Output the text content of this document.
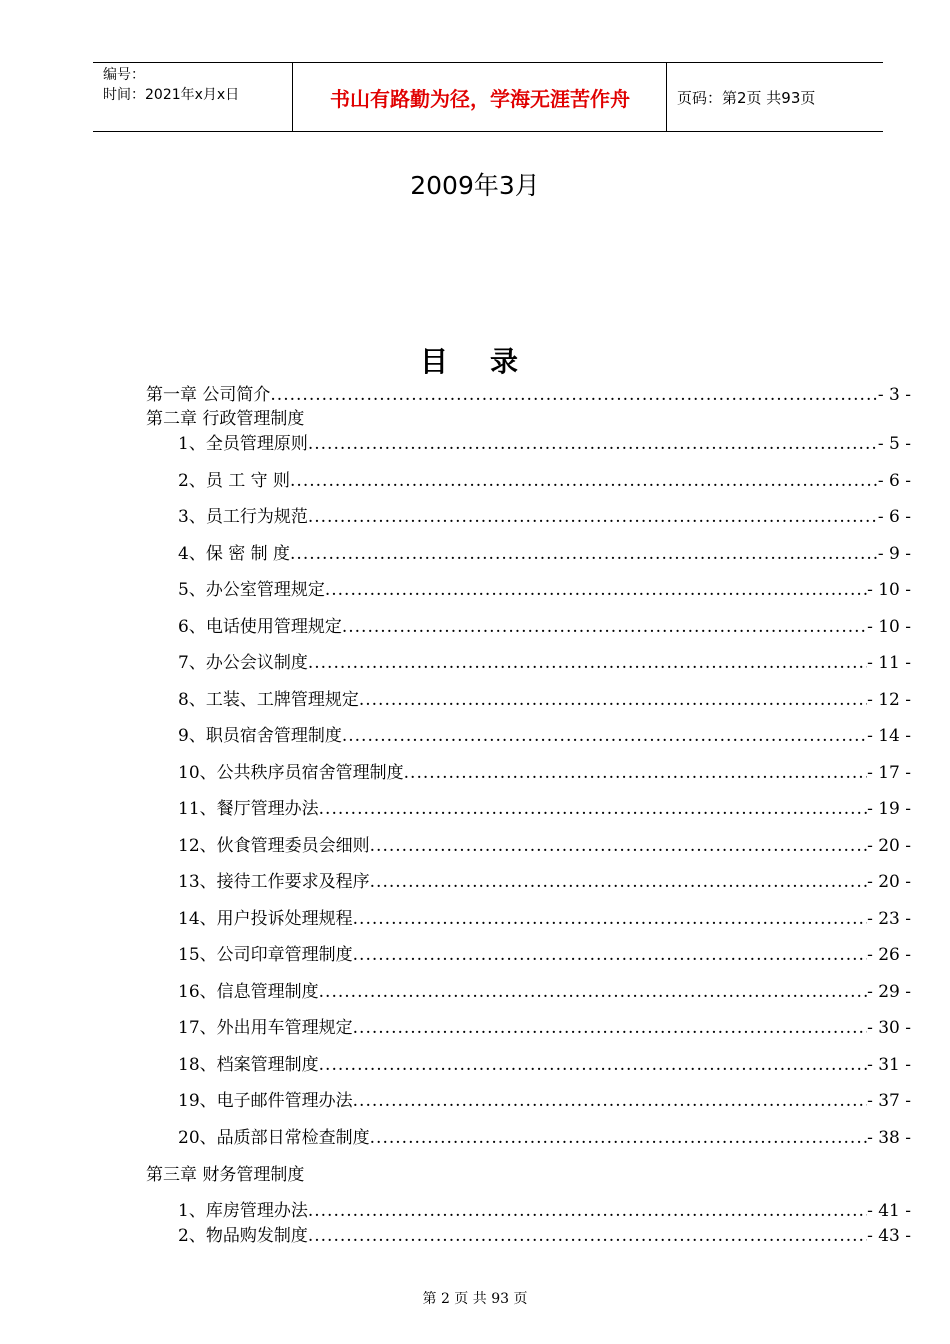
编号：
时间：2021年x月x日	书山有路勤为径，学海无涯苦作舟	页码：第2页 共93页
2009年3月
目录
第一章 公司简介 .....	- 3 -
第二章 行政管理制度
1、全员管理原则 .....	- 5 -
2、员 工 守 则 .....	- 6 -
3、员工行为规范 .....	- 6 -
4、保 密 制 度 .....	- 9 -
5、办公室管理规定 .....	- 10 -
6、电话使用管理规定 .....	- 10 -
7、办公会议制度 .....	- 11 -
8、工装、工牌管理规定 .....	- 12 -
9、职员宿舍管理制度 .....	- 14 -
10、公共秩序员宿舍管理制度 .....	- 17 -
11、餐厅管理办法 .....	- 19 -
12、伙食管理委员会细则 .....	- 20 -
13、接待工作要求及程序 .....	- 20 -
14、用户投诉处理规程 .....	- 23 -
15、公司印章管理制度 .....	- 26 -
16、信息管理制度 .....	- 29 -
17、外出用车管理规定 .....	- 30 -
18、档案管理制度 .....	- 31 -
19、电子邮件管理办法 .....	- 37 -
20、品质部日常检查制度 .....	- 38 -
第三章 财务管理制度
1、库房管理办法 .....	- 41 -
2、物品购发制度 .....	- 43 -
第 2 页 共 93 页
